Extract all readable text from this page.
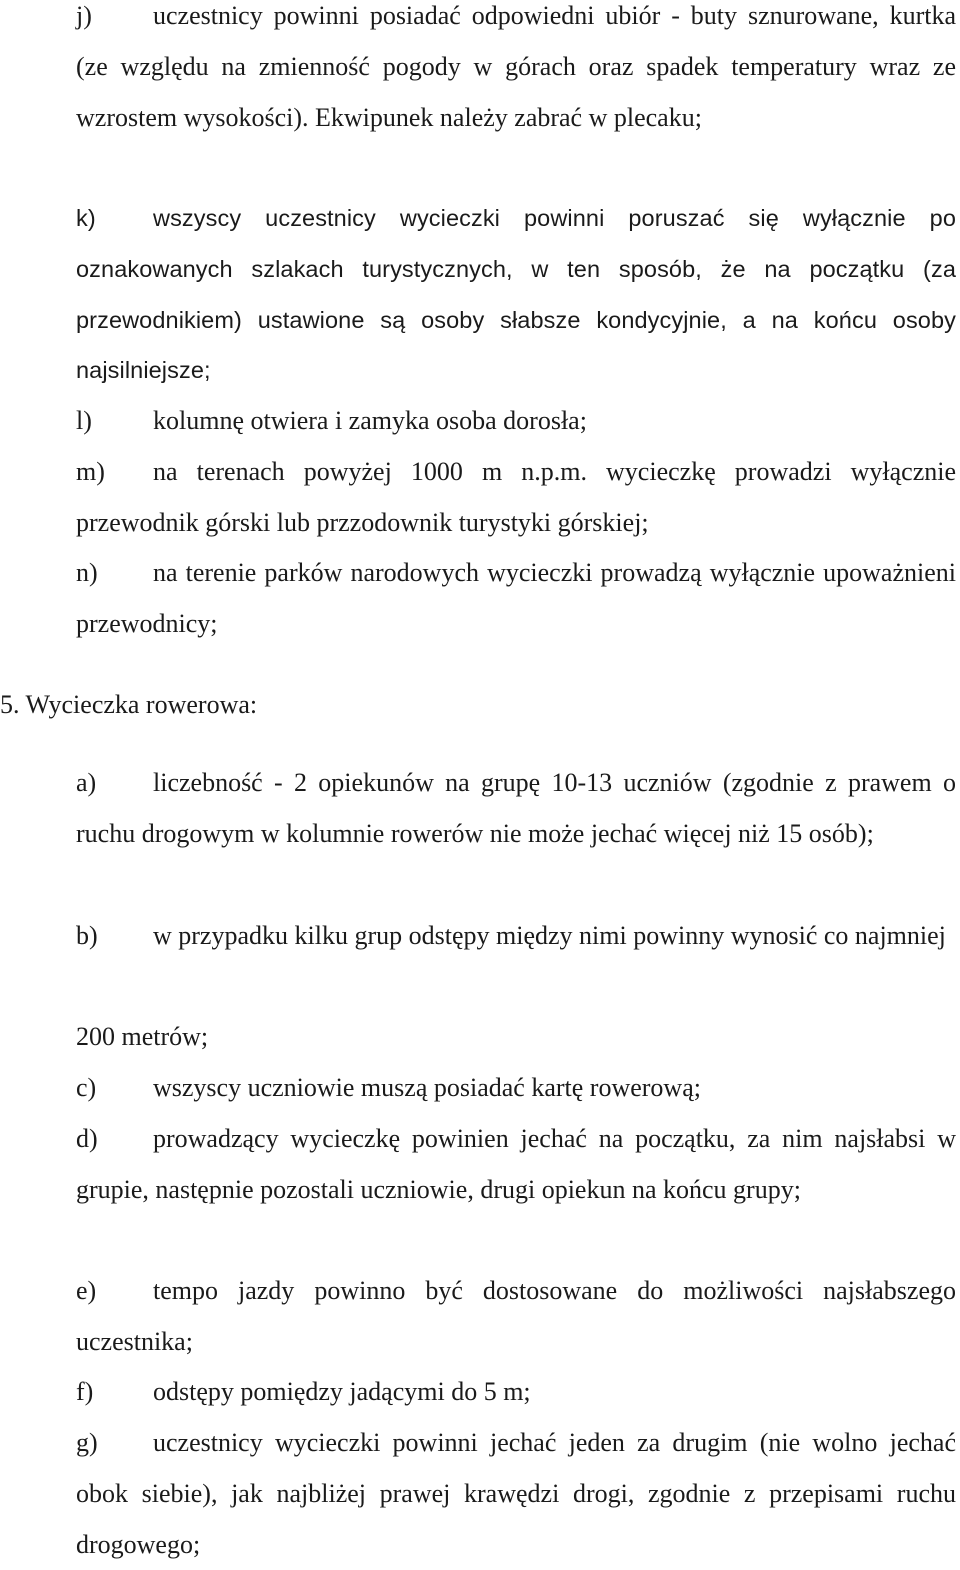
j) uczestnicy powinni posiadać odpowiedni ubiór - buty sznurowane, kurtka (ze względu na zmienność pogody w górach oraz spadek temperatury wraz ze wzrostem wysokości). Ekwipunek należy zabrać w plecaku;

k) wszyscy uczestnicy wycieczki powinni poruszać się wyłącznie po oznakowanych szlakach turystycznych, w ten sposób, że na początku (za przewodnikiem) ustawione są osoby słabsze kondycyjnie, a na końcu osoby najsilniejsze;

l) kolumnę otwiera i zamyka osoba dorosła;

m) na terenach powyżej 1000 m n.p.m. wycieczkę prowadzi wyłącznie przewodnik górski lub przzodownik turystyki górskiej;

n) na terenie parków narodowych wycieczki prowadzą wyłącznie upoważnieni przewodnicy;

5. Wycieczka rowerowa:

a) liczebność - 2 opiekunów na grupę 10-13 uczniów (zgodnie z prawem o ruchu drogowym w kolumnie rowerów nie może jechać więcej niż 15 osób);

b) w przypadku kilku grup odstępy między nimi powinny wynosić co najmniej

200 metrów;

c) wszyscy uczniowie muszą posiadać kartę rowerową;

d) prowadzący wycieczkę powinien jechać na początku, za nim najsłabsi w grupie, następnie pozostali uczniowie, drugi opiekun na końcu grupy;

e) tempo jazdy powinno być dostosowane do możliwości najsłabszego uczestnika;

f) odstępy pomiędzy jadącymi do 5 m;

g) uczestnicy wycieczki powinni jechać jeden za drugim (nie wolno jechać obok siebie), jak najbliżej prawej krawędzi drogi, zgodnie z przepisami ruchu drogowego;
